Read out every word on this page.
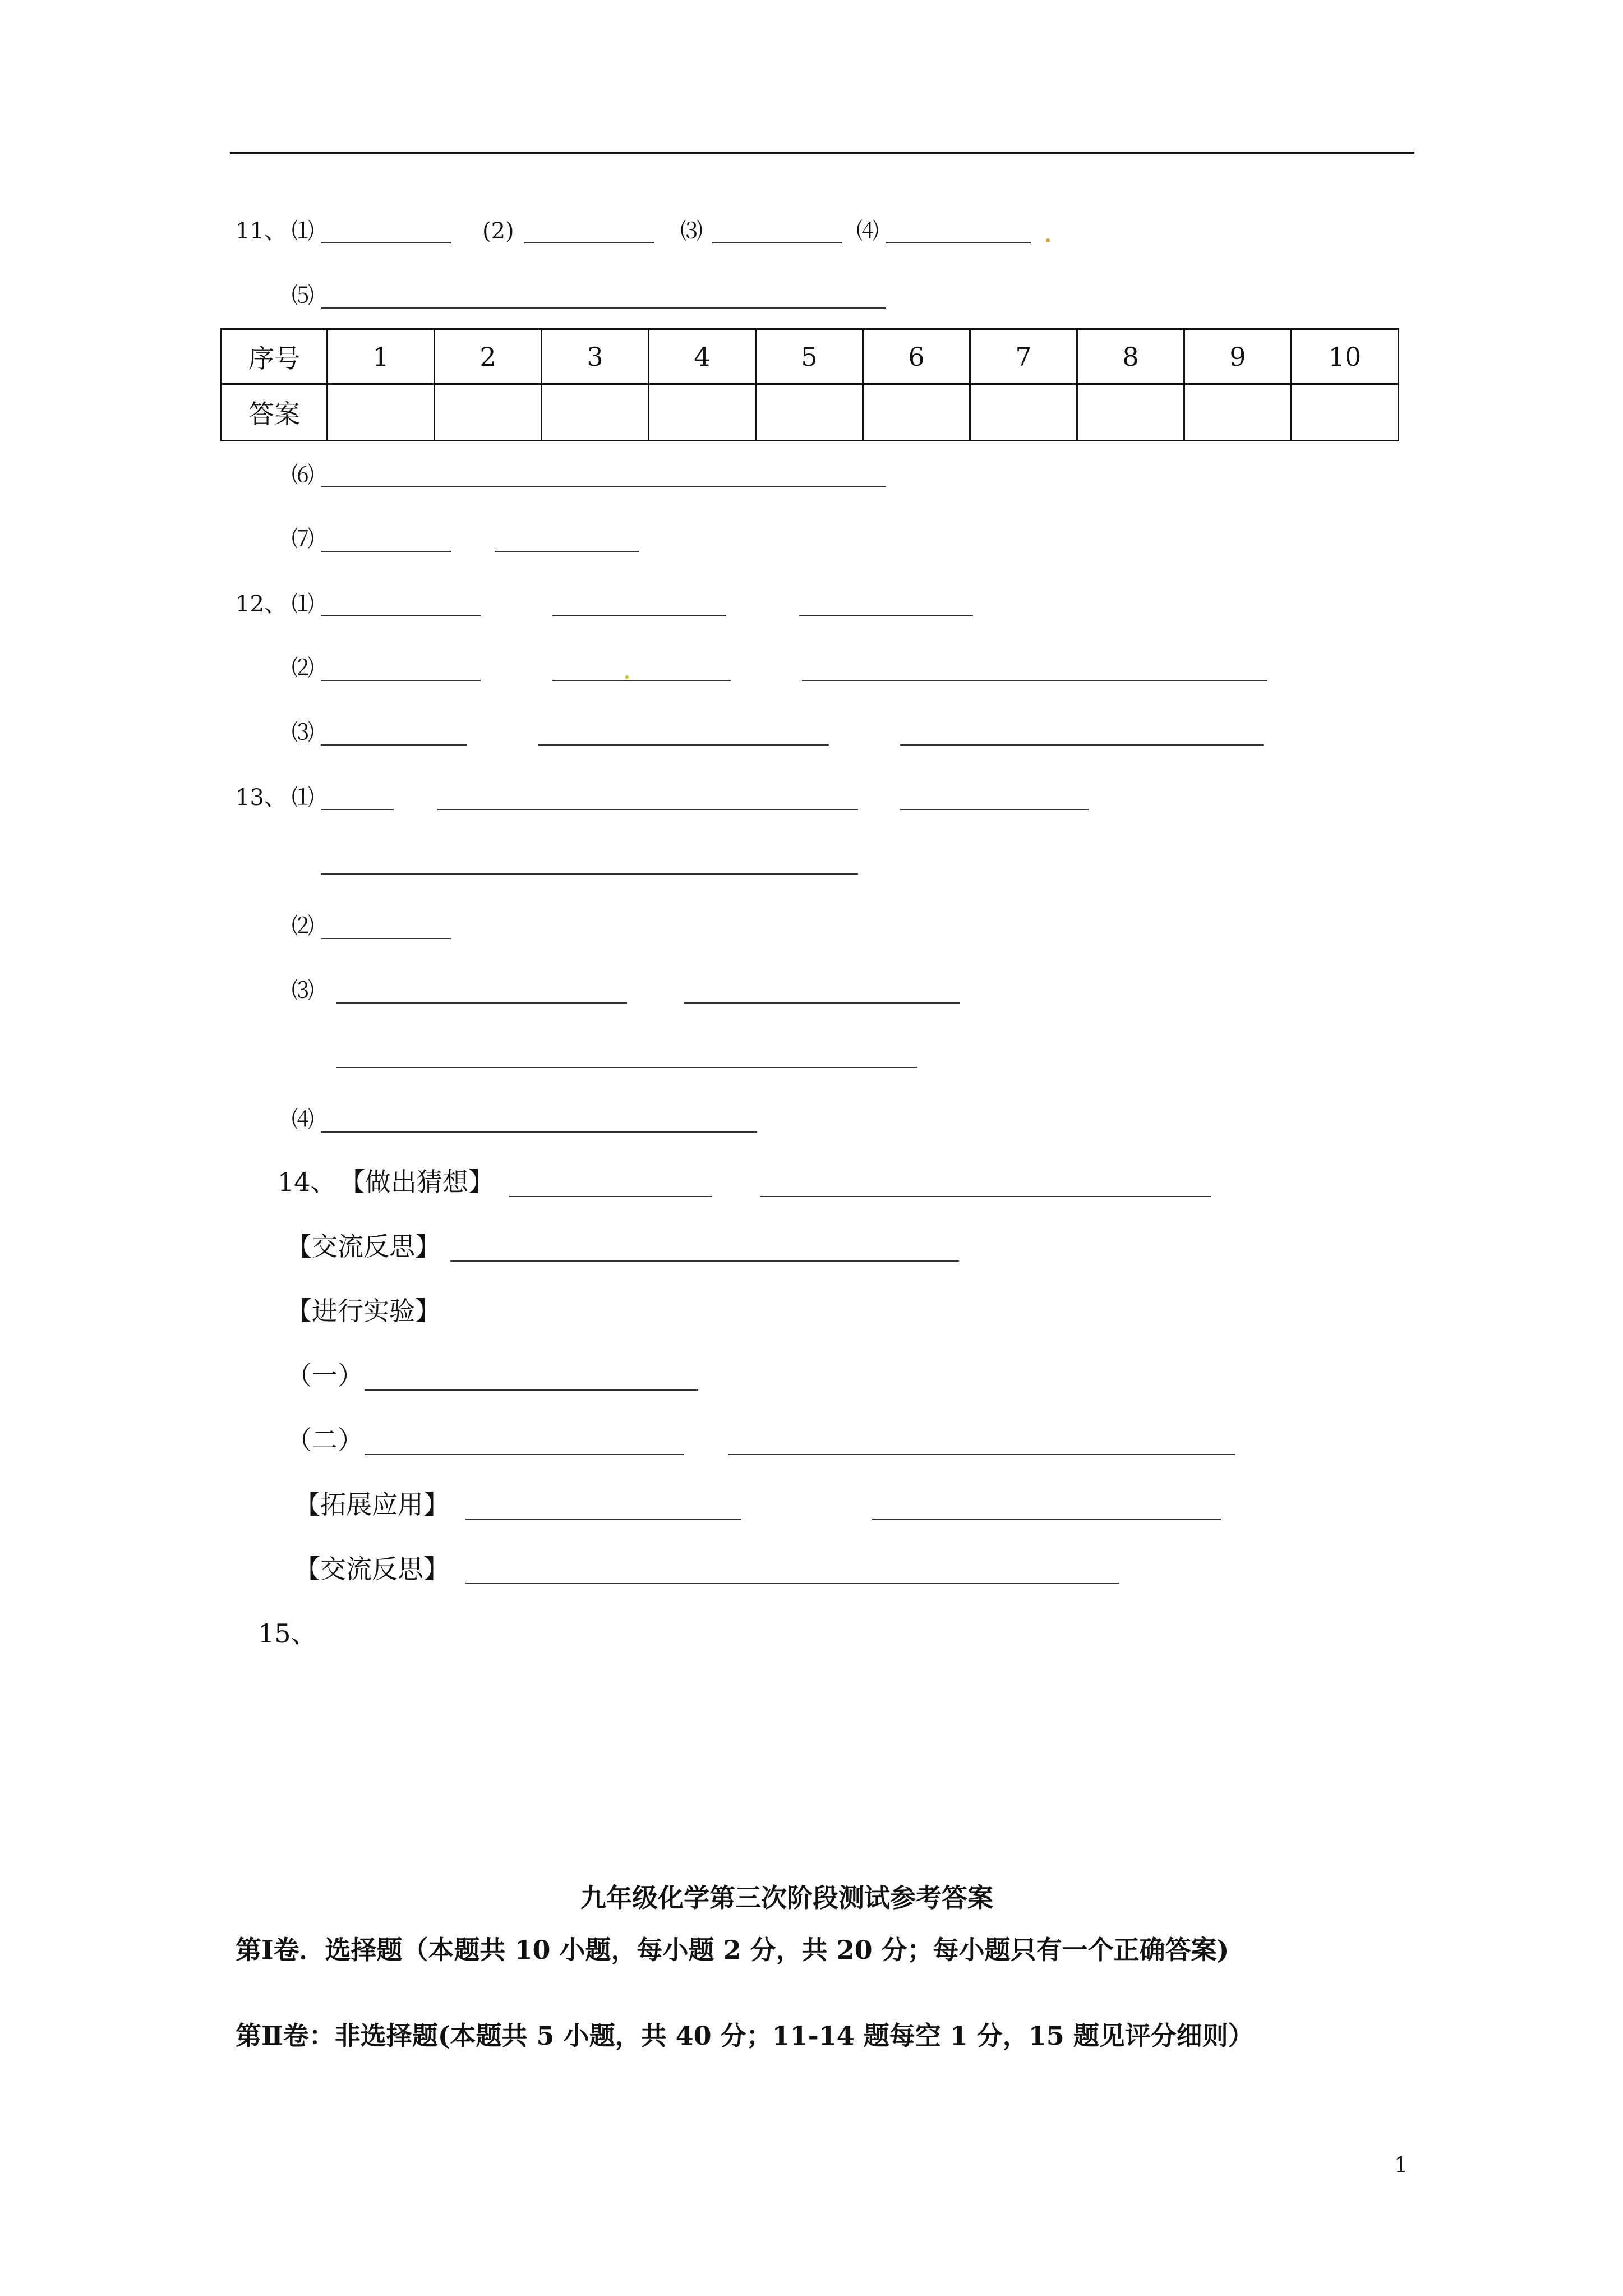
11、 ⑴	(2)	⑶	⑷
⑸
序号	1	2	3	4	5	6	7	8	9	10
答案										
⑹
⑺
12、 ⑴
⑵
⑶
13、 ⑴
⑵
⑶
⑷
14、 【做出猜想】
【交流反思】
【进行实验】
（一）
（二）
【拓展应用】
【交流反思】
15、
九年级化学第三次阶段测试参考答案
第Ⅰ卷．选择题（本题共 10 小题，每小题 2 分，共 20 分；每小题只有一个正确答案)
第Ⅱ卷：非选择题(本题共 5 小题，共 40 分；11-14 题每空 1 分，15 题见评分细则）
1
